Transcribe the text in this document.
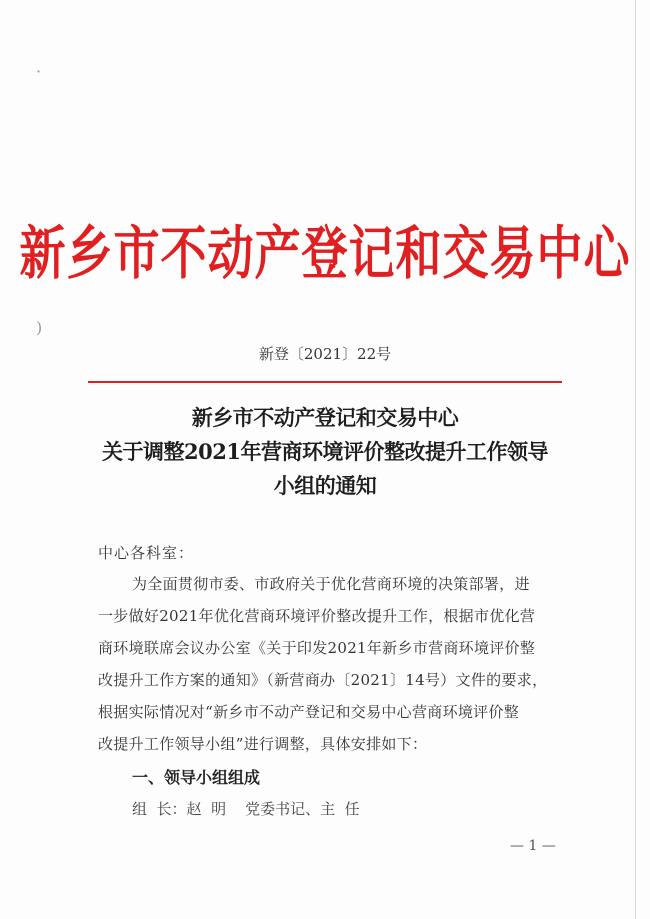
·
)
新乡市不动产登记和交易中心
新登〔2021〕22号
新乡市不动产登记和交易中心
关于调整2021年营商环境评价整改提升工作领导
小组的通知
中心各科室：
为全面贯彻市委、市政府关于优化营商环境的决策部署，进
一步做好2021年优化营商环境评价整改提升工作，根据市优化营
商环境联席会议办公室《关于印发2021年新乡市营商环境评价整
改提升工作方案的通知》（新营商办〔2021〕14号）文件的要求，
根据实际情况对“新乡市不动产登记和交易中心营商环境评价整
改提升工作领导小组”进行调整，具体安排如下：
一、领导小组组成
组  长：赵  明    党委书记、主  任
— 1 —
